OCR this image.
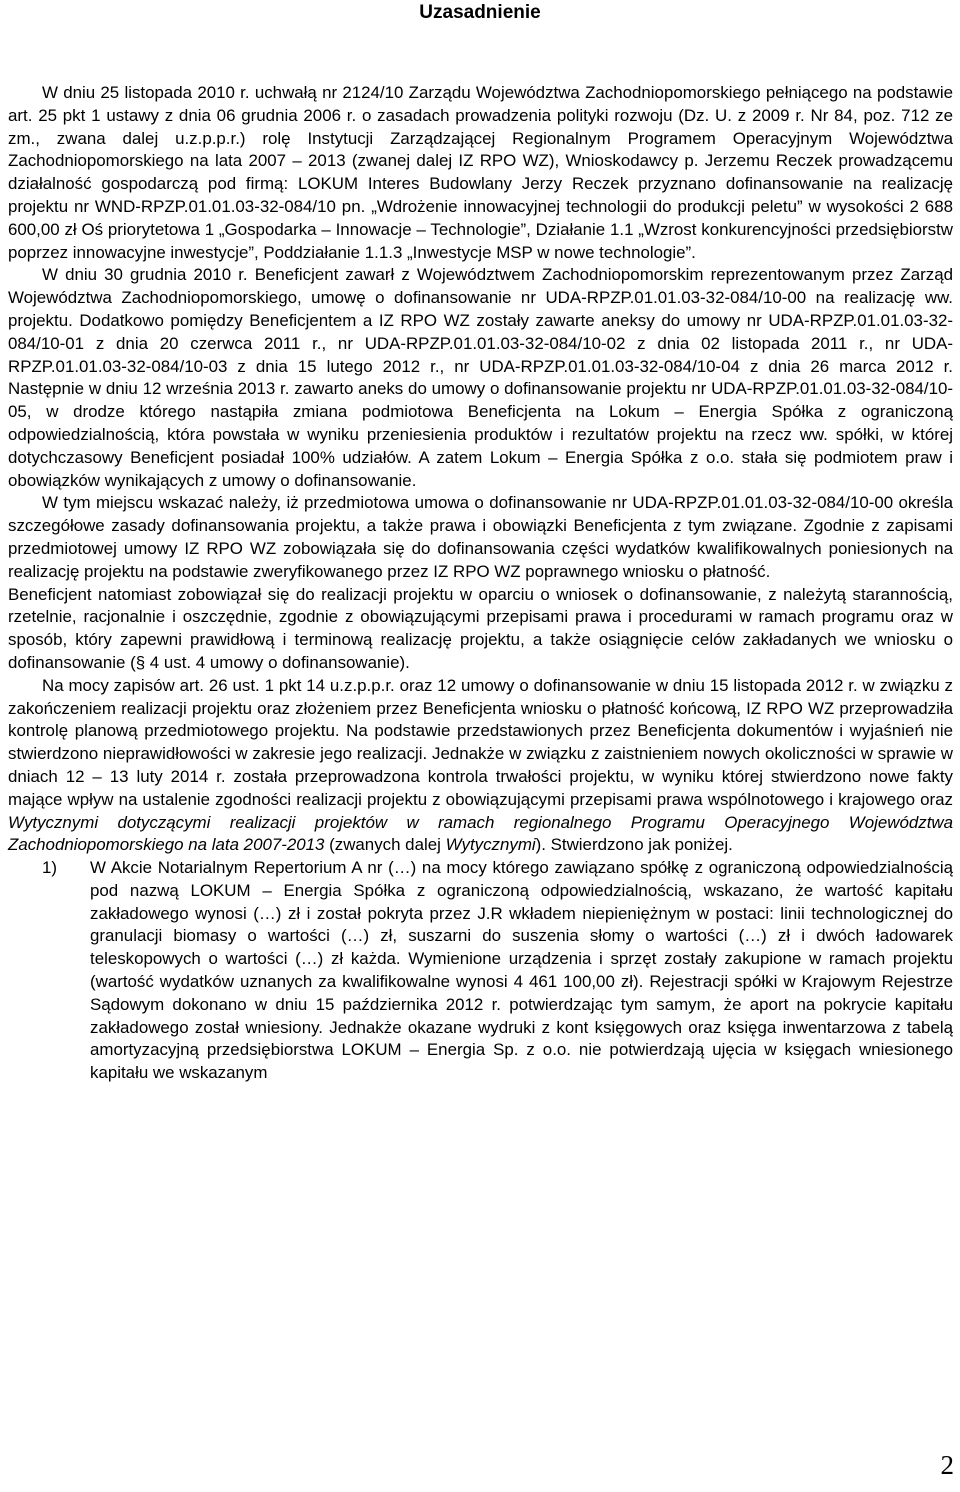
Uzasadnienie

W dniu 25 listopada 2010 r. uchwałą nr 2124/10 Zarządu Województwa Zachodniopomorskiego pełniącego na podstawie art. 25 pkt 1 ustawy z dnia 06 grudnia 2006 r. o zasadach prowadzenia polityki rozwoju (Dz. U. z 2009 r. Nr 84, poz. 712 ze zm., zwana dalej u.z.p.p.r.) rolę Instytucji Zarządzającej Regionalnym Programem Operacyjnym Województwa Zachodniopomorskiego na lata 2007 – 2013 (zwanej dalej IZ RPO WZ), Wnioskodawcy p. Jerzemu Reczek prowadzącemu działalność gospodarczą pod firmą: LOKUM Interes Budowlany Jerzy Reczek przyznano dofinansowanie na realizację projektu nr WND-RPZP.01.01.03-32-084/10 pn. „Wdrożenie innowacyjnej technologii do produkcji peletu” w wysokości 2 688 600,00 zł Oś priorytetowa 1 „Gospodarka – Innowacje – Technologie”, Działanie 1.1 „Wzrost konkurencyjności przedsiębiorstw poprzez innowacyjne inwestycje”, Poddziałanie 1.1.3 „Inwestycje MSP w nowe technologie”.

W dniu 30 grudnia 2010 r. Beneficjent zawarł z Województwem Zachodniopomorskim reprezentowanym przez Zarząd Województwa Zachodniopomorskiego, umowę o dofinansowanie nr UDA-RPZP.01.01.03-32-084/10-00 na realizację ww. projektu. Dodatkowo pomiędzy Beneficjentem a IZ RPO WZ zostały zawarte aneksy do umowy nr UDA-RPZP.01.01.03-32-084/10-01 z dnia 20 czerwca 2011 r., nr UDA-RPZP.01.01.03-32-084/10-02 z dnia 02 listopada 2011 r., nr UDA-RPZP.01.01.03-32-084/10-03 z dnia 15 lutego 2012 r., nr UDA-RPZP.01.01.03-32-084/10-04 z dnia 26 marca 2012 r. Następnie w dniu 12 września 2013 r. zawarto aneks do umowy o dofinansowanie projektu nr UDA-RPZP.01.01.03-32-084/10-05, w drodze którego nastąpiła zmiana podmiotowa Beneficjenta na Lokum – Energia Spółka z ograniczoną odpowiedzialnością, która powstała w wyniku przeniesienia produktów i rezultatów projektu na rzecz ww. spółki, w której dotychczasowy Beneficjent posiadał 100% udziałów. A zatem Lokum – Energia Spółka z o.o. stała się podmiotem praw i obowiązków wynikających z umowy o dofinansowanie.

W tym miejscu wskazać należy, iż przedmiotowa umowa o dofinansowanie nr UDA-RPZP.01.01.03-32-084/10-00 określa szczegółowe zasady dofinansowania projektu, a także prawa i obowiązki Beneficjenta z tym związane. Zgodnie z zapisami przedmiotowej umowy IZ RPO WZ zobowiązała się do dofinansowania części wydatków kwalifikowalnych poniesionych na realizację projektu na podstawie zweryfikowanego przez IZ RPO WZ poprawnego wniosku o płatność.

Beneficjent natomiast zobowiązał się do realizacji projektu w oparciu o wniosek o dofinansowanie, z należytą starannością, rzetelnie, racjonalnie i oszczędnie, zgodnie z obowiązującymi przepisami prawa i procedurami w ramach programu oraz w sposób, który zapewni prawidłową i terminową realizację projektu, a także osiągnięcie celów zakładanych we wniosku o dofinansowanie (§ 4 ust. 4 umowy o dofinansowanie).

Na mocy zapisów art. 26 ust. 1 pkt 14 u.z.p.p.r. oraz 12 umowy o dofinansowanie w dniu 15 listopada 2012 r. w związku z zakończeniem realizacji projektu oraz złożeniem przez Beneficjenta wniosku o płatność końcową, IZ RPO WZ przeprowadziła kontrolę planową przedmiotowego projektu. Na podstawie przedstawionych przez Beneficjenta dokumentów i wyjaśnień nie stwierdzono nieprawidłowości w zakresie jego realizacji. Jednakże w związku z zaistnieniem nowych okoliczności w sprawie w dniach 12 – 13 luty 2014 r. została przeprowadzona kontrola trwałości projektu, w wyniku której stwierdzono nowe fakty mające wpływ na ustalenie zgodności realizacji projektu z obowiązującymi przepisami prawa wspólnotowego i krajowego oraz Wytycznymi dotyczącymi realizacji projektów w ramach regionalnego Programu Operacyjnego Województwa Zachodniopomorskiego na lata 2007-2013 (zwanych dalej Wytycznymi). Stwierdzono jak poniżej.

1) W Akcie Notarialnym Repertorium A nr (…) na mocy którego zawiązano spółkę z ograniczoną odpowiedzialnością pod nazwą LOKUM – Energia Spółka z ograniczoną odpowiedzialnością, wskazano, że wartość kapitału zakładowego wynosi (…) zł i został pokryta przez J.R wkładem niepieniężnym w postaci: linii technologicznej do granulacji biomasy o wartości (…) zł, suszarni do suszenia słomy o wartości (…) zł i dwóch ładowarek teleskopowych o wartości (…) zł każda. Wymienione urządzenia i sprzęt zostały zakupione w ramach projektu (wartość wydatków uznanych za kwalifikowalne wynosi 4 461 100,00 zł). Rejestracji spółki w Krajowym Rejestrze Sądowym dokonano w dniu 15 października 2012 r. potwierdzając tym samym, że aport na pokrycie kapitału zakładowego został wniesiony. Jednakże okazane wydruki z kont księgowych oraz księga inwentarzowa z tabelą amortyzacyjną przedsiębiorstwa LOKUM – Energia Sp. z o.o. nie potwierdzają ujęcia w księgach wniesionego kapitału we wskazanym
2
